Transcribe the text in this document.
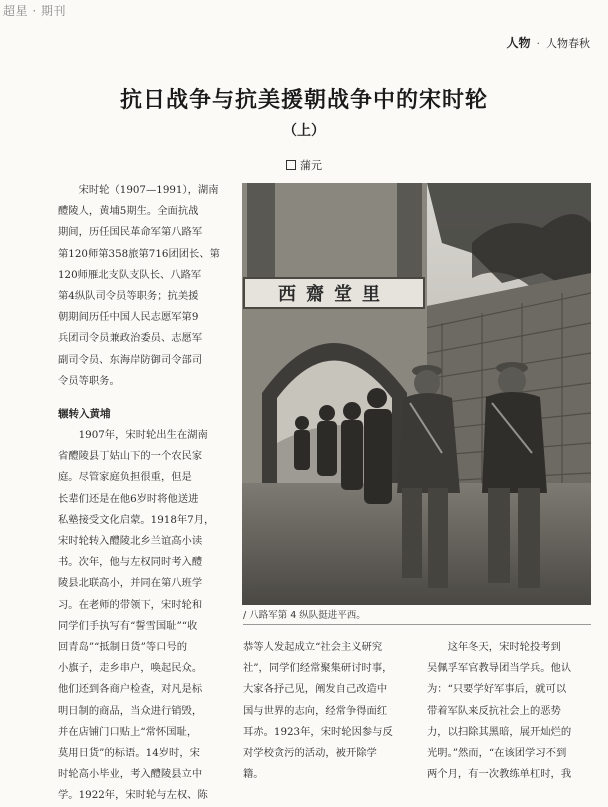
超星 · 期刊
人物 · 人物春秋
抗日战争与抗美援朝战争中的宋时轮
（上）
蒲元
宋时轮（1907—1991），湖南
醴陵人，黄埔5期生。全面抗战
期间，历任国民革命军第八路军
第120师第358旅第716团团长、第
120师雁北支队支队长、八路军
第4纵队司令员等职务；抗美援
朝期间历任中国人民志愿军第9
兵团司令员兼政治委员、志愿军
副司令员、东海岸防御司令部司
令员等职务。
辗转入黄埔
1907年，宋时轮出生在湖南
省醴陵县丁姑山下的一个农民家
庭。尽管家庭负担很重，但是
长辈们还是在他6岁时将他送进
私塾接受文化启蒙。1918年7月，
宋时轮转入醴陵北乡兰谊高小读
书。次年，他与左权同时考入醴
陵县北联高小，并同在第八班学
习。在老师的带领下，宋时轮和
同学们手执写有“誓雪国耻”“收
回青岛”“抵制日货”等口号的
小旗子，走乡串户，唤起民众。
他们还到各商户检查，对凡是标
明日制的商品，当众进行销毁，
并在店铺门口贴上“常怀国耻，
莫用日货”的标语。14岁时，宋
时轮高小毕业，考入醴陵县立中
学。1922年，宋时轮与左权、陈
西齋堂里
/ 八路军第 4 纵队挺进平西。
恭等人发起成立“社会主义研究
社”，同学们经常聚集研讨时事，
大家各抒己见，阐发自己改造中
国与世界的志向，经常争得面红
耳赤。1923年，宋时轮因参与反
对学校贪污的活动，被开除学
籍。
这年冬天，宋时轮投考到
吴佩孚军官教导团当学兵。他认
为：“只要学好军事后，就可以
带着军队来反抗社会上的恶势
力，以扫除其黑暗，展开灿烂的
光明。”然而，“在该团学习不到
两个月，有一次教练单杠时，我
